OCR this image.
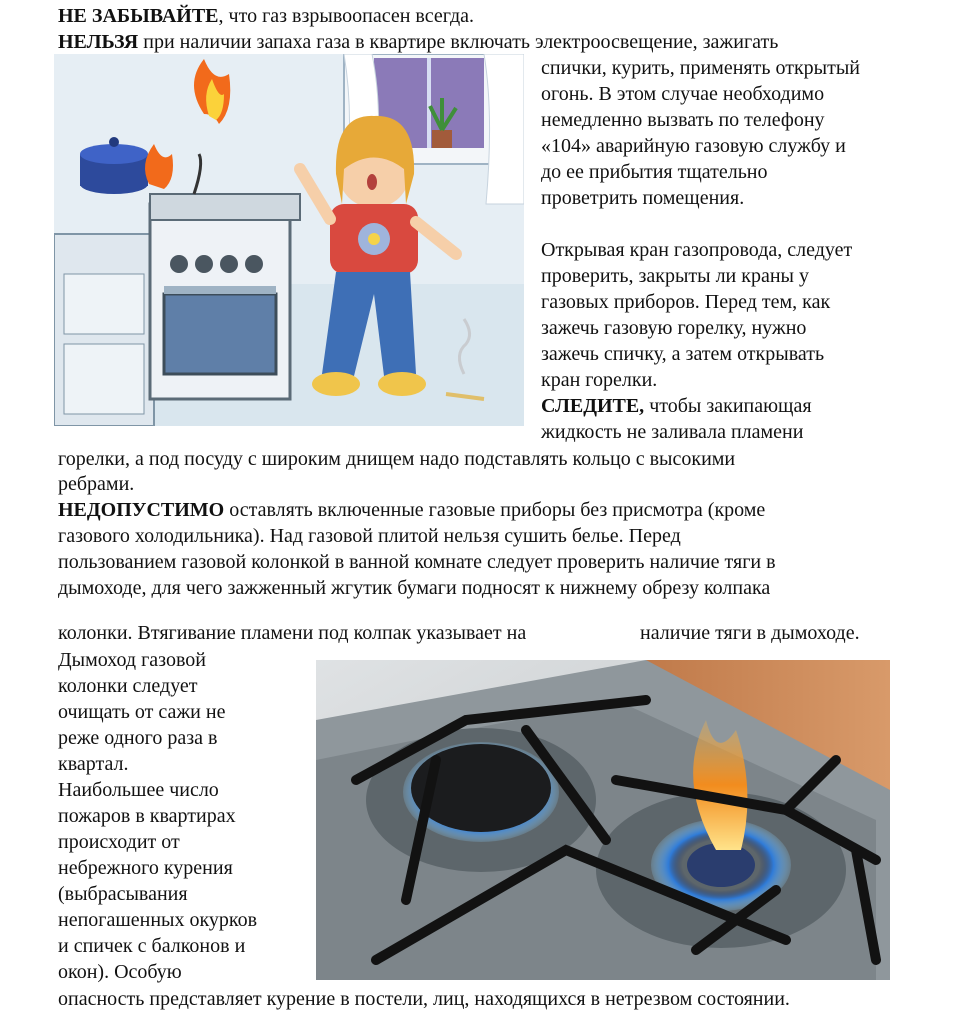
НЕ ЗАБЫВАЙТЕ, что газ взрывоопасен всегда.
НЕЛЬЗЯ при наличии запаха газа в квартире включать электроосвещение, зажигать
спички, курить, применять открытый
огонь. В этом случае необходимо
немедленно вызвать по телефону
«104» аварийную газовую службу и
до ее прибытия тщательно
проветрить помещения.
Открывая кран газопровода, следует
проверить, закрыты ли краны у
газовых приборов. Перед тем, как
зажечь газовую горелку, нужно
зажечь спичку, а затем открывать
кран горелки.
СЛЕДИТЕ, чтобы закипающая
жидкость не заливала пламени
горелки, а под посуду с широким днищем надо подставлять кольцо с высокими
ребрами.
НЕДОПУСТИМО оставлять включенные газовые приборы без присмотра (кроме
газового холодильника). Над газовой плитой нельзя сушить белье. Перед
пользованием газовой колонкой в ванной комнате следует проверить наличие тяги в
дымоходе, для чего зажженный жгутик бумаги подносят к нижнему обрезу колпака
колонки. Втягивание пламени под колпак указывает на	наличие тяги в дымоходе.
Дымоход газовой
колонки следует
очищать от сажи не
реже одного раза в
квартал.
Наибольшее число
пожаров в квартирах
происходит от
небрежного курения
(выбрасывания
непогашенных окурков
и спичек с балконов и
окон). Особую
опасность представляет курение в постели, лиц, находящихся в нетрезвом состоянии.
